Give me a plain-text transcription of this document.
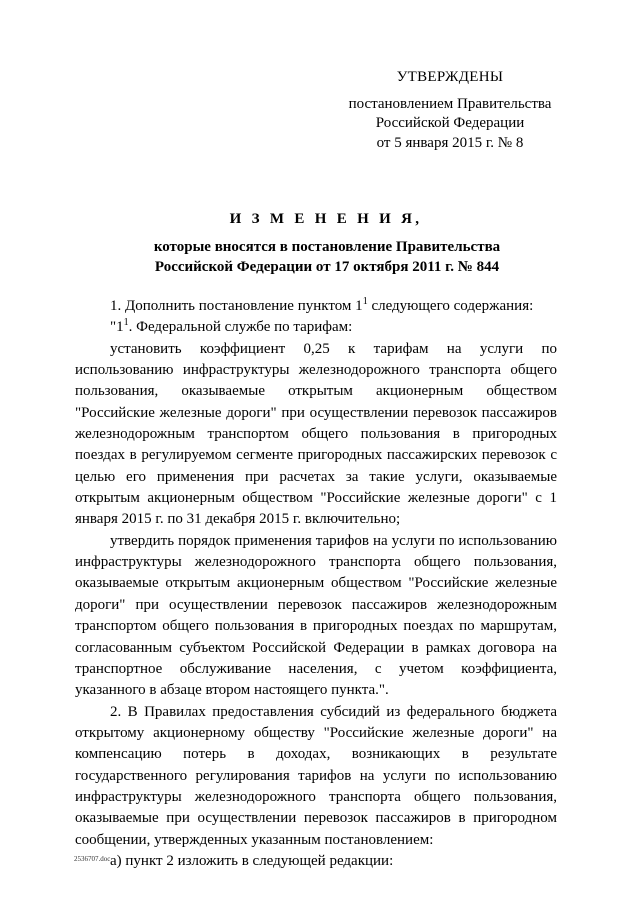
УТВЕРЖДЕНЫ
постановлением Правительства
Российской Федерации
от 5 января 2015 г. № 8
И З М Е Н Е Н И Я,
которые вносятся в постановление Правительства
Российской Федерации от 17 октября 2011 г. № 844

1. Дополнить постановление пунктом $1^1$ следующего содержания:

"$1^1$. Федеральной службе по тарифам:

установить коэффициент 0,25 к тарифам на услуги по использованию инфраструктуры железнодорожного транспорта общего пользования, оказываемые открытым акционерным обществом "Российские железные дороги" при осуществлении перевозок пассажиров железнодорожным транспортом общего пользования в пригородных поездах в регулируемом сегменте пригородных пассажирских перевозок с целью его применения при расчетах за такие услуги, оказываемые открытым акционерным обществом "Российские железные дороги" с 1 января 2015 г. по 31 декабря 2015 г. включительно;

утвердить порядок применения тарифов на услуги по использованию инфраструктуры железнодорожного транспорта общего пользования, оказываемые открытым акционерным обществом "Российские железные дороги" при осуществлении перевозок пассажиров железнодорожным транспортом общего пользования в пригородных поездах по маршрутам, согласованным субъектом Российской Федерации в рамках договора на транспортное обслуживание населения, с учетом коэффициента, указанного в абзаце втором настоящего пункта.".

2. В Правилах предоставления субсидий из федерального бюджета открытому акционерному обществу "Российские железные дороги" на компенсацию потерь в доходах, возникающих в результате государственного регулирования тарифов на услуги по использованию инфраструктуры железнодорожного транспорта общего пользования, оказываемые при осуществлении перевозок пассажиров в пригородном сообщении, утвержденных указанным постановлением:

а) пункт 2 изложить в следующей редакции:

2536707.doc
